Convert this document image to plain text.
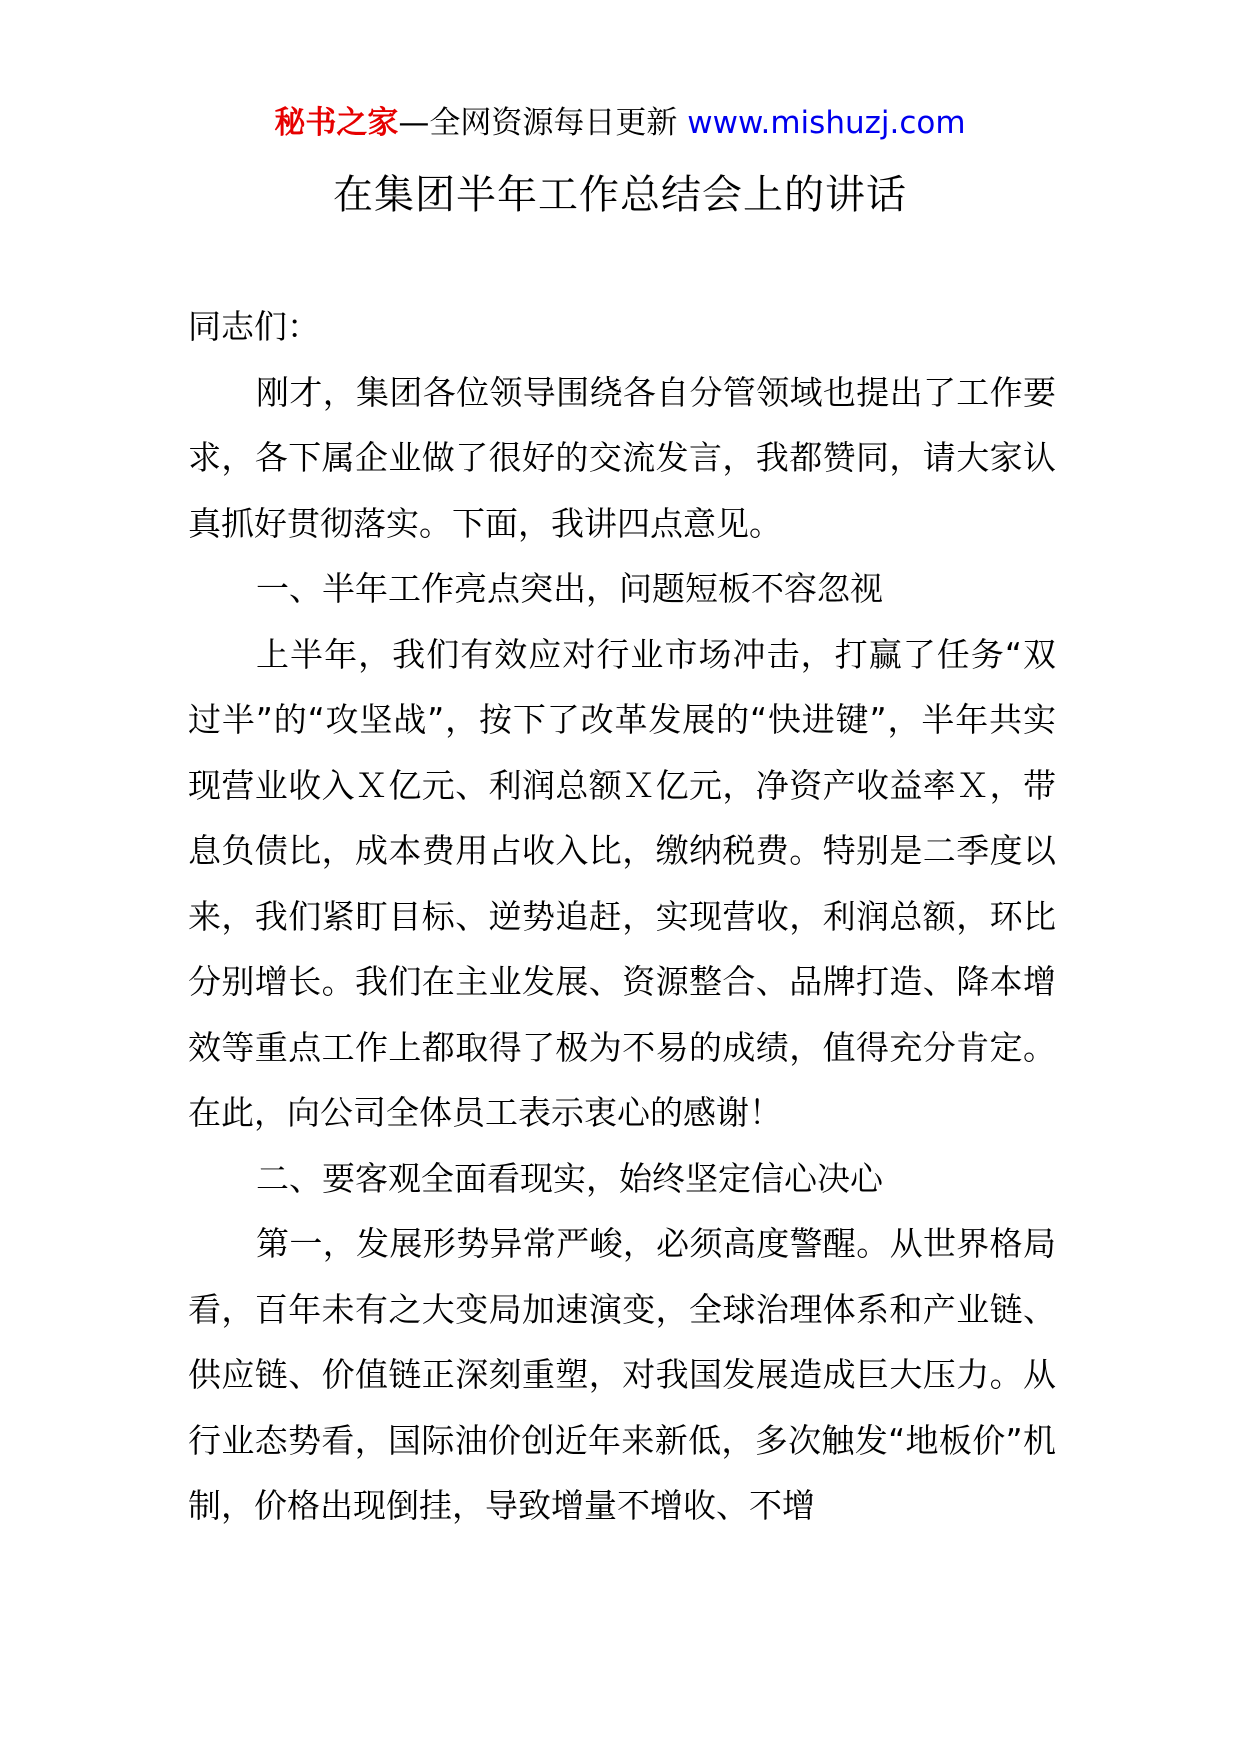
秘书之家—全网资源每日更新 www.mishuzj.com
在集团半年工作总结会上的讲话

同志们：

刚才，集团各位领导围绕各自分管领域也提出了工作要求，各下属企业做了很好的交流发言，我都赞同，请大家认真抓好贯彻落实。下面，我讲四点意见。

一、半年工作亮点突出，问题短板不容忽视

上半年，我们有效应对行业市场冲击，打赢了任务“双过半”的“攻坚战”，按下了改革发展的“快进键”，半年共实现营业收入Ｘ亿元、利润总额Ｘ亿元，净资产收益率Ｘ，带息负债比，成本费用占收入比，缴纳税费。特别是二季度以来，我们紧盯目标、逆势追赶，实现营收，利润总额，环比分别增长。我们在主业发展、资源整合、品牌打造、降本增效等重点工作上都取得了极为不易的成绩，值得充分肯定。在此，向公司全体员工表示衷心的感谢！

二、要客观全面看现实，始终坚定信心决心

第一，发展形势异常严峻，必须高度警醒。从世界格局看，百年未有之大变局加速演变，全球治理体系和产业链、供应链、价值链正深刻重塑，对我国发展造成巨大压力。从行业态势看，国际油价创近年来新低，多次触发“地板价”机制，价格出现倒挂，导致增量不增收、不增
